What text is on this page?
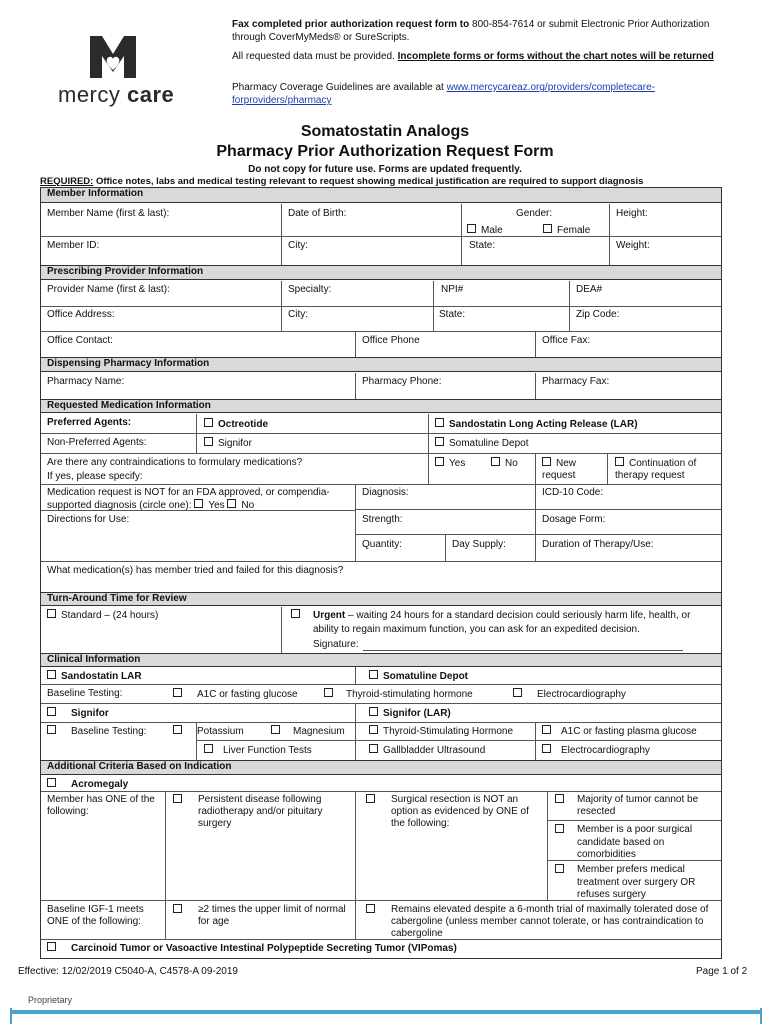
mercy care
Fax completed prior authorization request form to 800-854-7614 or submit Electronic Prior Authorization through CoverMyMeds® or SureScripts.
All requested data must be provided. Incomplete forms or forms without the chart notes will be returned
Pharmacy Coverage Guidelines are available at www.mercycareaz.org/providers/completecare-forproviders/pharmacy
Somatostatin Analogs
Pharmacy Prior Authorization Request Form
Do not copy for future use. Forms are updated frequently.
REQUIRED: Office notes, labs and medical testing relevant to request showing medical justification are required to support diagnosis
Member Information
Member Name (first & last):	Date of Birth:	Gender:
Male	Female
Height:
Member ID:	City:	State:	Weight:
Prescribing Provider Information
Provider Name (first & last):	Specialty:	NPI#	DEA#
Office Address:	City:	State:	Zip Code:
Office Contact:	Office Phone	Office Fax:
Dispensing Pharmacy Information
Pharmacy Name:	Pharmacy Phone:	Pharmacy Fax:
Requested Medication Information
Preferred Agents:	Octreotide	Sandostatin Long Acting Release (LAR)
Non-Preferred Agents:	Signifor	Somatuline Depot
Are there any contraindications to formulary medications?
If yes, please specify:
Yes	No	New request
Continuation of therapy request
Medication request is NOT for an FDA approved, or compendia-supported diagnosis (circle one): Yes No
Diagnosis:	ICD-10 Code:
Directions for Use:	Strength:	Dosage Form:
Quantity:	Day Supply:	Duration of Therapy/Use:
What medication(s) has member tried and failed for this diagnosis?
Turn-Around Time for Review
Standard – (24 hours)	Urgent – waiting 24 hours for a standard decision could seriously harm life, health, or ability to regain maximum function, you can ask for an expedited decision.
Signature:
Clinical Information
Sandostatin LAR	Somatuline Depot
Baseline Testing:	A1C or fasting glucose	Thyroid-stimulating hormone	Electrocardiography
Signifor	Signifor (LAR)
Baseline Testing:	Potassium	Magnesium	Thyroid-Stimulating Hormone	A1C or fasting plasma glucose
Liver Function Tests	Gallbladder Ultrasound	Electrocardiography
Additional Criteria Based on Indication
Acromegaly
Member has ONE of the following:
Persistent disease following radiotherapy and/or pituitary surgery
Surgical resection is NOT an option as evidenced by ONE of the following:
Majority of tumor cannot be resected
Member is a poor surgical candidate based on comorbidities
Member prefers medical treatment over surgery OR refuses surgery
Baseline IGF-1 meets ONE of the following:
≥2 times the upper limit of normal for age
Remains elevated despite a 6-month trial of maximally tolerated dose of cabergoline (unless member cannot tolerate, or has contraindication to cabergoline
Carcinoid Tumor or Vasoactive Intestinal Polypeptide Secreting Tumor (VIPomas)
Effective: 12/02/2019 C5040-A, C4578-A 09-2019	Page 1 of 2
Proprietary
